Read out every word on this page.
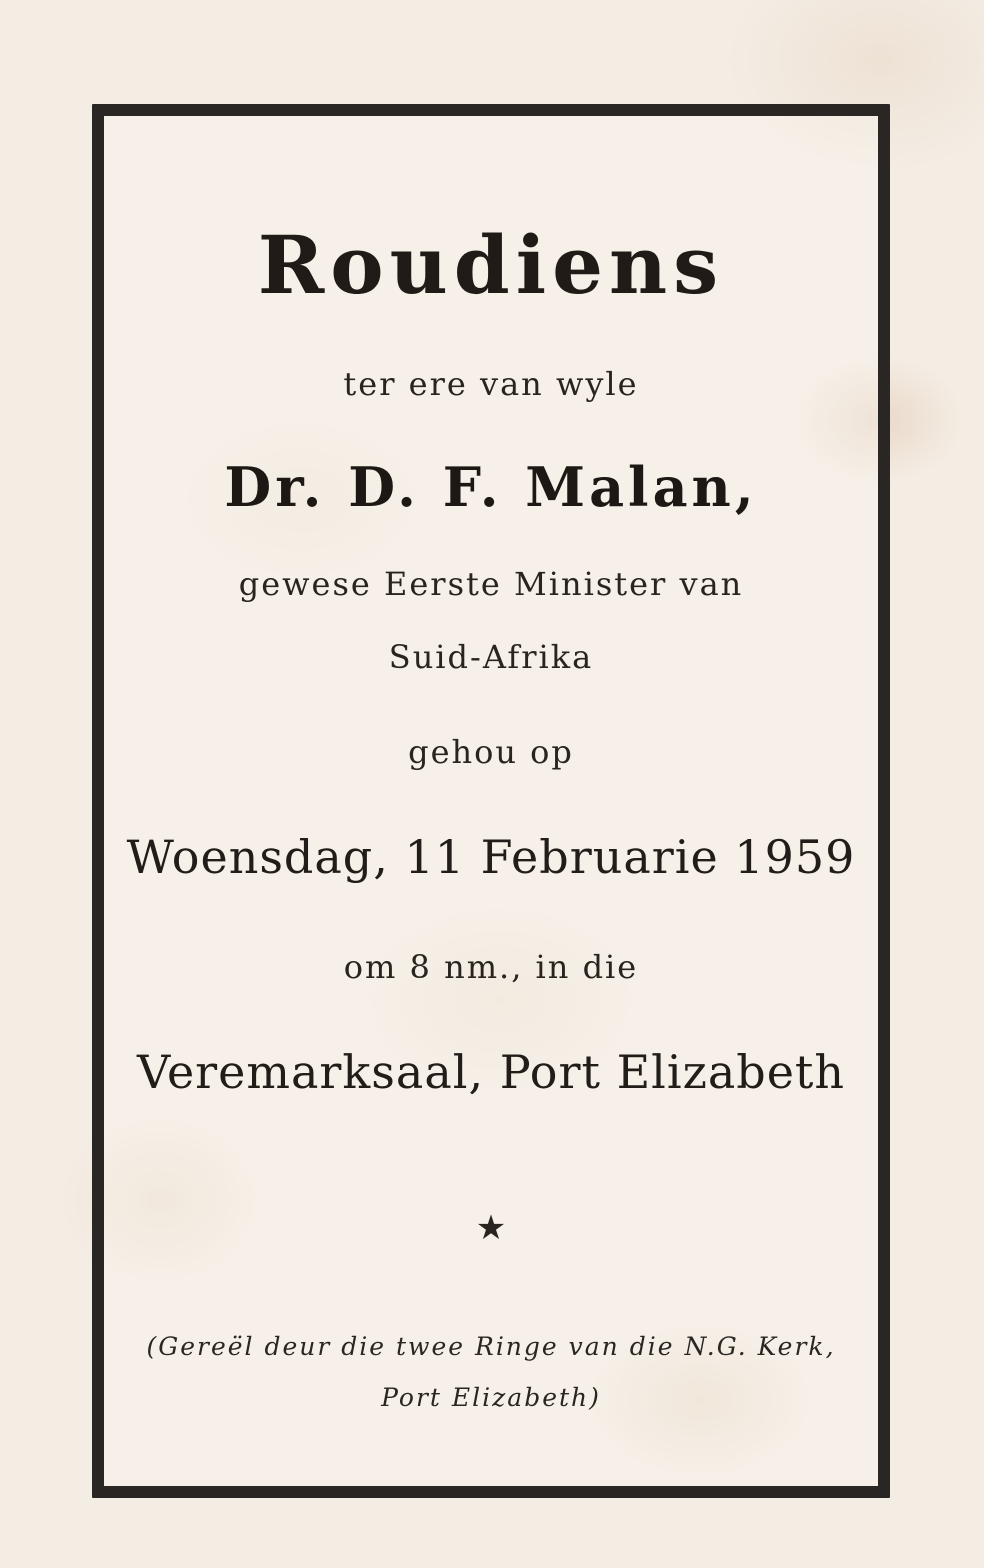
Roudiens
ter ere van wyle
Dr. D. F. Malan,
gewese Eerste Minister van
Suid-Afrika
gehou op
Woensdag, 11 Februarie 1959
om 8 nm., in die
Veremarksaal, Port Elizabeth
★
(Gereël deur die twee Ringe van die N.G. Kerk,
Port Elizabeth)
